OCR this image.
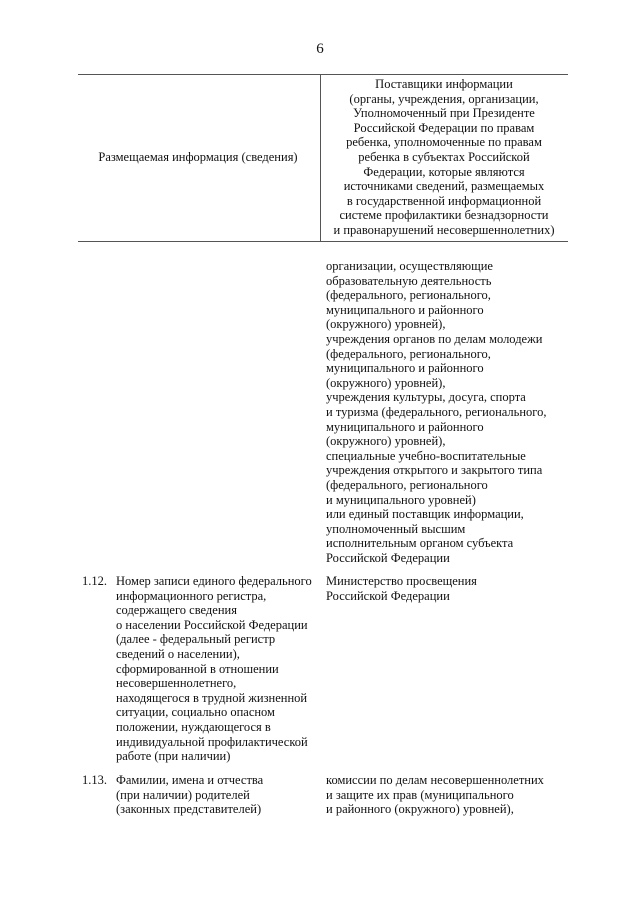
6
Размещаемая информация (сведения)
Поставщики информации
(органы, учреждения, организации,
Уполномоченный при Президенте
Российской Федерации по правам
ребенка, уполномоченные по правам
ребенка в субъектах Российской
Федерации, которые являются
источниками сведений, размещаемых
в государственной информационной
системе профилактики безнадзорности
и правонарушений несовершеннолетних)
организации, осуществляющие
образовательную деятельность
(федерального, регионального,
муниципального и районного
(окружного) уровней),
учреждения органов по делам молодежи
(федерального, регионального,
муниципального и районного
(окружного) уровней),
учреждения культуры, досуга, спорта
и туризма (федерального, регионального,
муниципального и районного
(окружного) уровней),
специальные учебно-воспитательные
учреждения открытого и закрытого типа
(федерального, регионального
и муниципального уровней)
или единый поставщик информации,
уполномоченный высшим
исполнительным органом субъекта
Российской Федерации
1.12. Номер записи единого федерального
информационного регистра,
содержащего сведения
о населении Российской Федерации
(далее - федеральный регистр
сведений о населении),
сформированной в отношении
несовершеннолетнего,
находящегося в трудной жизненной
ситуации, социально опасном
положении, нуждающегося в
индивидуальной профилактической
работе (при наличии)
Министерство просвещения
Российской Федерации
1.13. Фамилии, имена и отчества
(при наличии) родителей
(законных представителей)
комиссии по делам несовершеннолетних
и защите их прав (муниципального
и районного (окружного) уровней),
